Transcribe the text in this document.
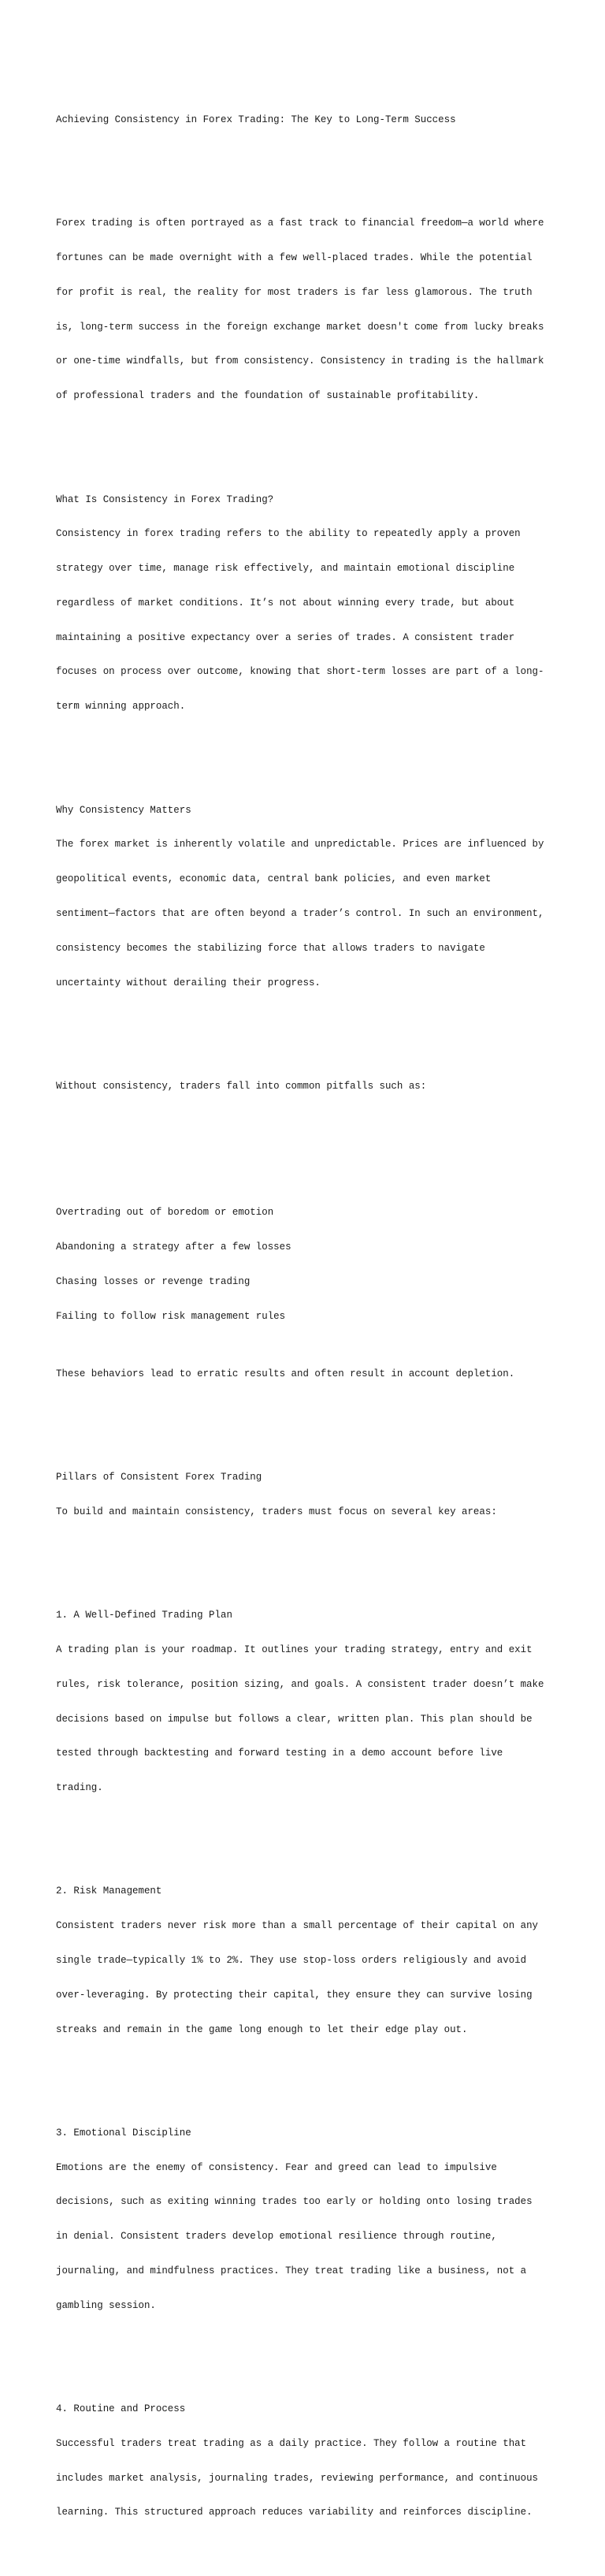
Achieving Consistency in Forex Trading: The Key to Long-Term Success

Forex trading is often portrayed as a fast track to financial freedom—a world where

fortunes can be made overnight with a few well-placed trades. While the potential

for profit is real, the reality for most traders is far less glamorous. The truth

is, long-term success in the foreign exchange market doesn't come from lucky breaks

or one-time windfalls, but from consistency. Consistency in trading is the hallmark

of professional traders and the foundation of sustainable profitability.

What Is Consistency in Forex Trading?

Consistency in forex trading refers to the ability to repeatedly apply a proven

strategy over time, manage risk effectively, and maintain emotional discipline

regardless of market conditions. It’s not about winning every trade, but about

maintaining a positive expectancy over a series of trades. A consistent trader

focuses on process over outcome, knowing that short-term losses are part of a long-

term winning approach.

Why Consistency Matters

The forex market is inherently volatile and unpredictable. Prices are influenced by

geopolitical events, economic data, central bank policies, and even market

sentiment—factors that are often beyond a trader’s control. In such an environment,

consistency becomes the stabilizing force that allows traders to navigate

uncertainty without derailing their progress.

Without consistency, traders fall into common pitfalls such as:

Overtrading out of boredom or emotion

Abandoning a strategy after a few losses

Chasing losses or revenge trading

Failing to follow risk management rules

These behaviors lead to erratic results and often result in account depletion.

Pillars of Consistent Forex Trading

To build and maintain consistency, traders must focus on several key areas:

1. A Well-Defined Trading Plan

A trading plan is your roadmap. It outlines your trading strategy, entry and exit

rules, risk tolerance, position sizing, and goals. A consistent trader doesn’t make

decisions based on impulse but follows a clear, written plan. This plan should be

tested through backtesting and forward testing in a demo account before live

trading.

2. Risk Management

Consistent traders never risk more than a small percentage of their capital on any

single trade—typically 1% to 2%. They use stop-loss orders religiously and avoid

over-leveraging. By protecting their capital, they ensure they can survive losing

streaks and remain in the game long enough to let their edge play out.

3. Emotional Discipline

Emotions are the enemy of consistency. Fear and greed can lead to impulsive

decisions, such as exiting winning trades too early or holding onto losing trades

in denial. Consistent traders develop emotional resilience through routine,

journaling, and mindfulness practices. They treat trading like a business, not a

gambling session.

4. Routine and Process

Successful traders treat trading as a daily practice. They follow a routine that

includes market analysis, journaling trades, reviewing performance, and continuous

learning. This structured approach reduces variability and reinforces discipline.
